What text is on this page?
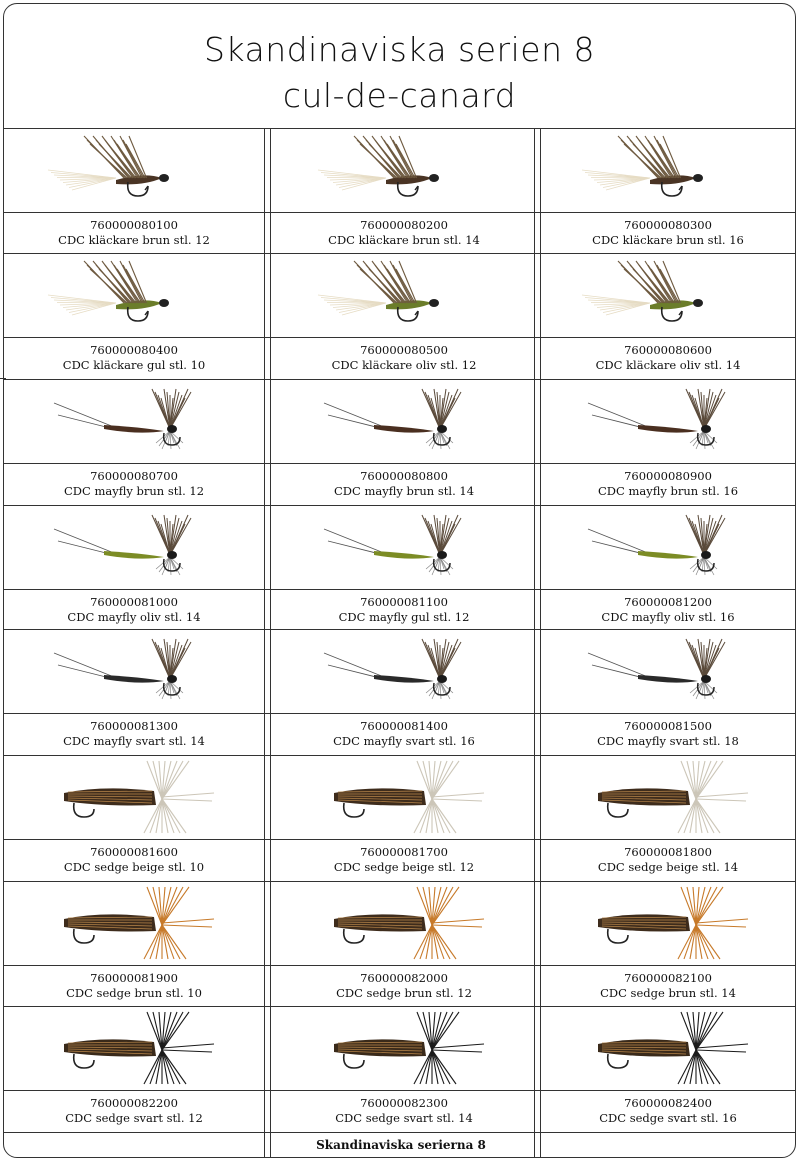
Skandinaviska serien 8
cul-de-canard
760000080100
CDC kläckare brun stl. 12
760000080200
CDC kläckare brun stl. 14
760000080300
CDC kläckare brun stl. 16
760000080400
CDC kläckare gul stl. 10
760000080500
CDC kläckare oliv stl. 12
760000080600
CDC kläckare oliv stl. 14
760000080700
CDC mayfly brun stl. 12
760000080800
CDC mayfly brun stl. 14
760000080900
CDC mayfly brun stl. 16
760000081000
CDC mayfly oliv stl. 14
760000081100
CDC mayfly gul stl. 12
760000081200
CDC mayfly oliv stl. 16
760000081300
CDC mayfly svart stl. 14
760000081400
CDC mayfly svart stl. 16
760000081500
CDC mayfly svart stl. 18
760000081600
CDC sedge beige stl. 10
760000081700
CDC sedge beige stl. 12
760000081800
CDC sedge beige stl. 14
760000081900
CDC sedge brun stl. 10
760000082000
CDC sedge brun stl. 12
760000082100
CDC sedge brun stl. 14
760000082200
CDC sedge svart stl. 12
760000082300
CDC sedge svart stl. 14
760000082400
CDC sedge svart stl. 16
Skandinaviska serierna 8
